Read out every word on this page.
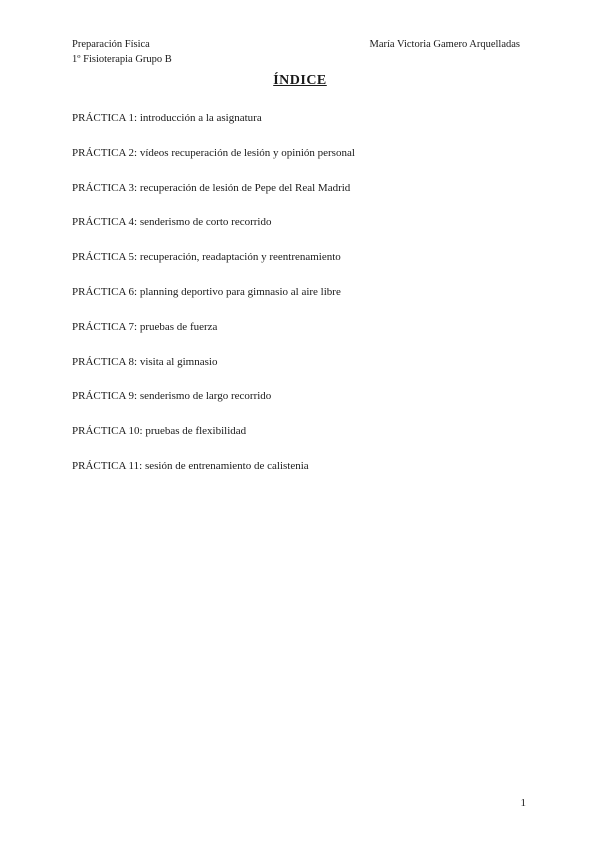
Preparación Física
1º Fisioterapia Grupo B
María Victoria Gamero Arquelladas
ÍNDICE
PRÁCTICA 1: introducción a la asignatura
PRÁCTICA 2: vídeos recuperación de lesión y opinión personal
PRÁCTICA 3: recuperación de lesión de Pepe del Real Madrid
PRÁCTICA 4: senderismo de corto recorrido
PRÁCTICA 5: recuperación, readaptación y reentrenamiento
PRÁCTICA 6: planning deportivo para gimnasio al aire libre
PRÁCTICA 7: pruebas de fuerza
PRÁCTICA 8: visita al gimnasio
PRÁCTICA 9: senderismo de largo recorrido
PRÁCTICA 10: pruebas de flexibilidad
PRÁCTICA 11: sesión de entrenamiento de calistenia
1
